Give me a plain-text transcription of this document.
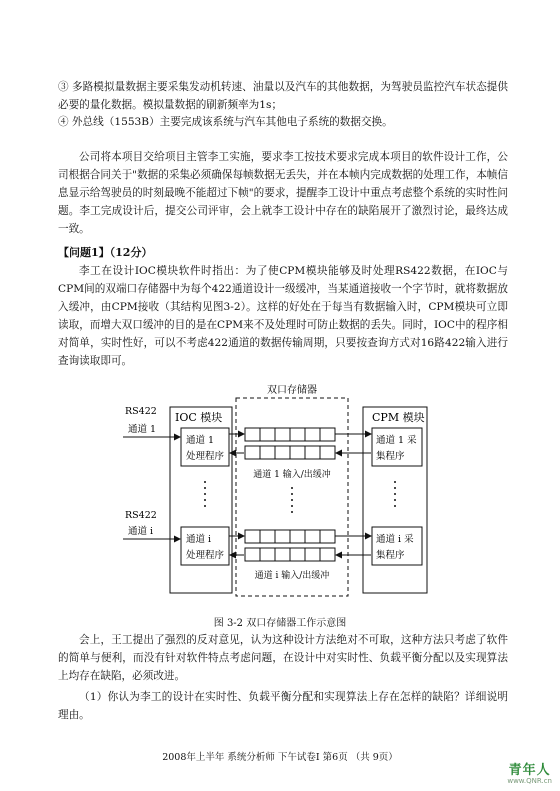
③ 多路模拟量数据主要采集发动机转速、油量以及汽车的其他数据，为驾驶员监控汽车状态提供必要的量化数据。模拟量数据的刷新频率为1s；
④ 外总线（1553B）主要完成该系统与汽车其他电子系统的数据交换。
公司将本项目交给项目主管李工实施，要求李工按技术要求完成本项目的软件设计工作，公司根据合同关于"数据的采集必须确保每帧数据无丢失，并在本帧内完成数据的处理工作，本帧信息显示给驾驶员的时刻最晚不能超过下帧"的要求，提醒李工设计中重点考虑整个系统的实时性问题。李工完成设计后，提交公司评审，会上就李工设计中存在的缺陷展开了激烈讨论，最终达成一致。
【问题1】（12分）
李工在设计IOC模块软件时指出：为了使CPM模块能够及时处理RS422数据，在IOC与CPM间的双端口存储器中为每个422通道设计一级缓冲，当某通道接收一个字节时，就将数据放入缓冲，由CPM接收（其结构见图3-2）。这样的好处在于每当有数据输入时，CPM模块可立即读取，而增大双口缓冲的目的是在CPM来不及处理时可防止数据的丢失。同时，IOC中的程序相对简单，实时性好，可以不考虑422通道的数据传输周期，只要按查询方式对16路422输入进行查询读取即可。
双口存储器
IOC 模块	CPM 模块
RS422
通道 1
RS422
通道 i
通道 1
处理程序
通道 i
处理程序
通道 1 输入/出缓冲
通道 i 输入/出缓冲
通道 1 采
集程序
通道 i 采
集程序
图 3-2 双口存储器工作示意图
会上，王工提出了强烈的反对意见，认为这种设计方法绝对不可取，这种方法只考虑了软件的简单与便利，而没有针对软件特点考虑问题，在设计中对实时性、负载平衡分配以及实现算法上均存在缺陷，必须改进。
（1）你认为李工的设计在实时性、负载平衡分配和实现算法上存在怎样的缺陷？详细说明理由。
2008年上半年 系统分析师 下午试卷Ⅰ 第6页 （共 9页）
青年人
www.QNR.cn
